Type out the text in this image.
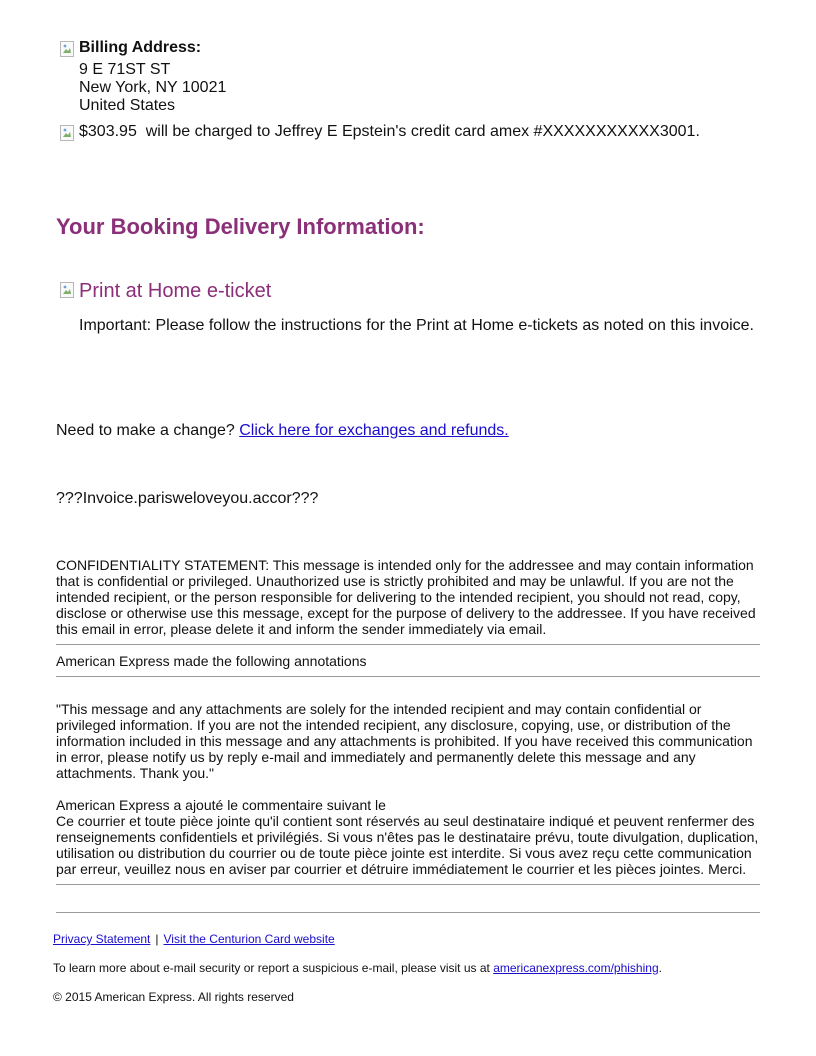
Billing Address:
9 E 71ST ST
New York, NY 10021
United States
$303.95  will be charged to Jeffrey E Epstein's credit card amex #XXXXXXXXXXX3001.
Your Booking Delivery Information:
Print at Home e-ticket
Important: Please follow the instructions for the Print at Home e-tickets as noted on this invoice.
Need to make a change? Click here for exchanges and refunds.
???Invoice.parisweloveyou.accor???
CONFIDENTIALITY STATEMENT: This message is intended only for the addressee and may contain information that is confidential or privileged. Unauthorized use is strictly prohibited and may be unlawful. If you are not the intended recipient, or the person responsible for delivering to the intended recipient, you should not read, copy, disclose or otherwise use this message, except for the purpose of delivery to the addressee. If you have received this email in error, please delete it and inform the sender immediately via email.
American Express made the following annotations
"This message and any attachments are solely for the intended recipient and may contain confidential or privileged information. If you are not the intended recipient, any disclosure, copying, use, or distribution of the information included in this message and any attachments is prohibited. If you have received this communication in error, please notify us by reply e-mail and immediately and permanently delete this message and any attachments. Thank you."
American Express a ajouté le commentaire suivant le
Ce courrier et toute pièce jointe qu'il contient sont réservés au seul destinataire indiqué et peuvent renfermer des renseignements confidentiels et privilégiés. Si vous n'êtes pas le destinataire prévu, toute divulgation, duplication, utilisation ou distribution du courrier ou de toute pièce jointe est interdite. Si vous avez reçu cette communication par erreur, veuillez nous en aviser par courrier et détruire immédiatement le courrier et les pièces jointes. Merci.
Privacy Statement | Visit the Centurion Card website
To learn more about e-mail security or report a suspicious e-mail, please visit us at americanexpress.com/phishing.
© 2015 American Express. All rights reserved
